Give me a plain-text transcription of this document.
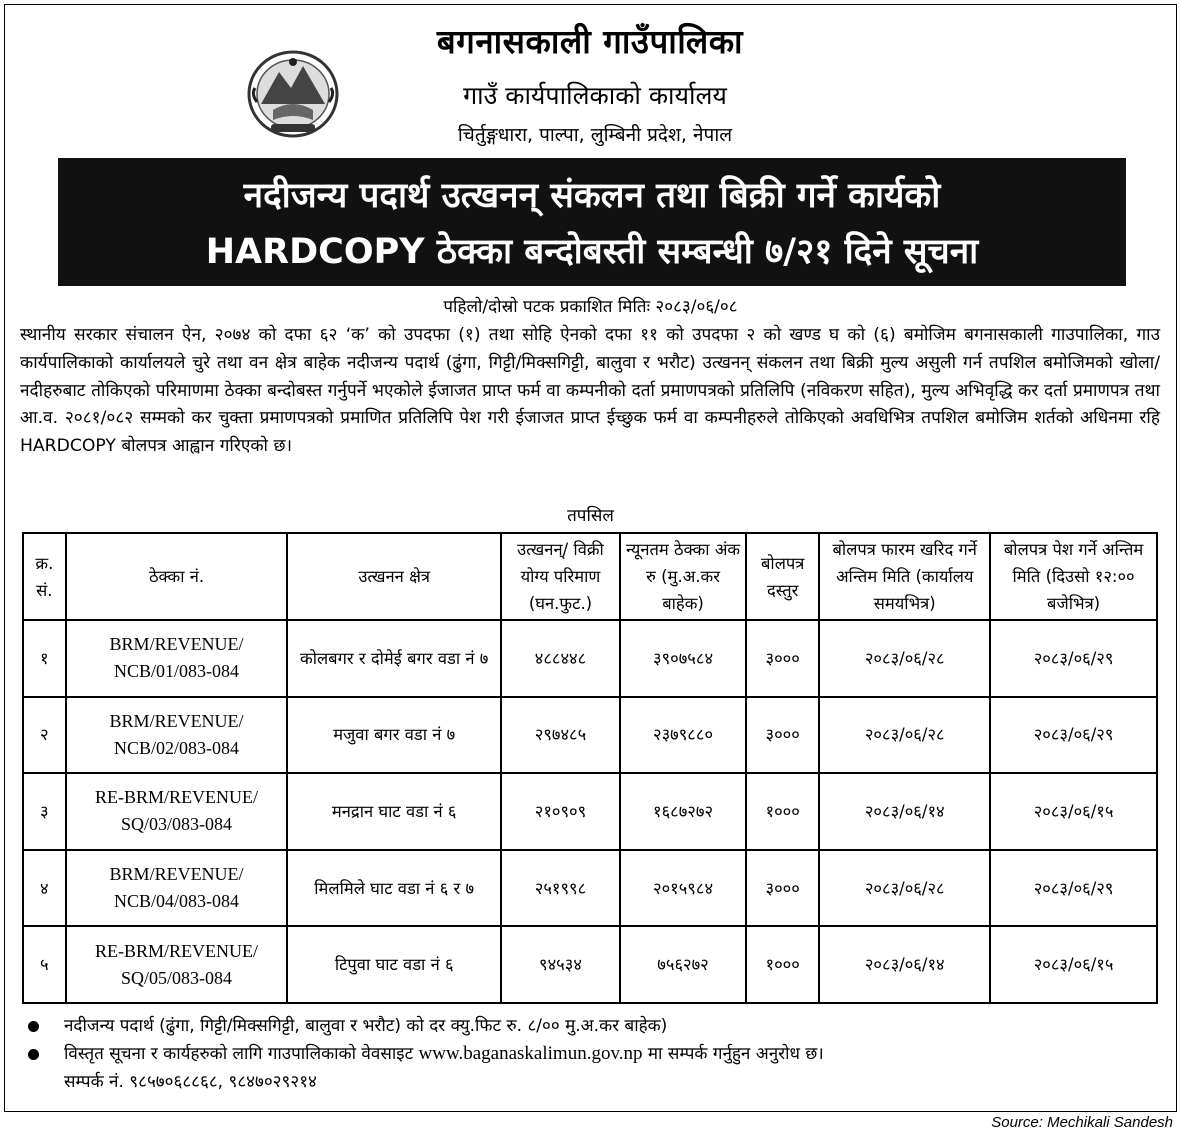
बगनासकाली गाउँपालिका
गाउँ कार्यपालिकाको कार्यालय
चिर्तुङ्गधारा, पाल्पा, लुम्बिनी प्रदेश, नेपाल
नदीजन्य पदार्थ उत्खनन् संकलन तथा बिक्री गर्ने कार्यको
HARDCOPY ठेक्का बन्दोबस्ती सम्बन्धी ७/२१ दिने सूचना
पहिलो/दोस्रो पटक प्रकाशित मितिः २०८३/०६/०८
स्थानीय सरकार संचालन ऐन, २०७४ को दफा ६२ ‘क’ को उपदफा (१) तथा सोहि ऐनको दफा ११ को उपदफा २ को खण्ड घ को (६) बमोजिम बगनासकाली गाउपालिका, गाउ कार्यपालिकाको कार्यालयले चुरे तथा वन क्षेत्र बाहेक नदीजन्य पदार्थ (ढुंगा, गिट्टी/मिक्सगिट्टी, बालुवा र भरौट) उत्खनन् संकलन तथा बिक्री मुल्य असुली गर्न तपशिल बमोजिमको खोला/नदीहरुबाट तोकिएको परिमाणमा ठेक्का बन्दोबस्त गर्नुपर्ने भएकोले ईजाजत प्राप्त फर्म वा कम्पनीको दर्ता प्रमाणपत्रको प्रतिलिपि (नविकरण सहित), मुल्य अभिवृद्धि कर दर्ता प्रमाणपत्र तथा आ.व. २०८१/०८२ सम्मको कर चुक्ता प्रमाणपत्रको प्रमाणित प्रतिलिपि पेश गरी ईजाजत प्राप्त ईच्छुक फर्म वा कम्पनीहरुले तोकिएको अवधिभित्र तपशिल बमोजिम शर्तको अधिनमा रहि HARDCOPY बोलपत्र आह्वान गरिएको छ।
तपसिल
क्र. सं.	ठेक्का नं.	उत्खनन क्षेत्र	उत्खनन्/ विक्री योग्य परिमाण (घन.फुट.)	न्यूनतम ठेक्का अंक रु (मु.अ.कर बाहेक)	बोलपत्र दस्तुर	बोलपत्र फारम खरिद गर्ने अन्तिम मिति (कार्यालय समयभित्र)	बोलपत्र पेश गर्ने अन्तिम मिति (दिउसो १२:०० बजेभित्र)
१	BRM/REVENUE/
NCB/01/083-084	कोलबगर र दोमेई बगर वडा नं ७	४८८४४८	३९०७५८४	३०००	२०८३/०६/२८	२०८३/०६/२९
२	BRM/REVENUE/
NCB/02/083-084	मजुवा बगर वडा नं ७	२९७४८५	२३७९८८०	३०००	२०८३/०६/२८	२०८३/०६/२९
३	RE-BRM/REVENUE/
SQ/03/083-084	मनद्रान घाट वडा नं ६	२१०९०९	१६८७२७२	१०००	२०८३/०६/१४	२०८३/०६/१५
४	BRM/REVENUE/
NCB/04/083-084	मिलमिले घाट वडा नं ६ र ७	२५१९९८	२०१५९८४	३०००	२०८३/०६/२८	२०८३/०६/२९
५	RE-BRM/REVENUE/
SQ/05/083-084	टिपुवा घाट वडा नं ६	९४५३४	७५६२७२	१०००	२०८३/०६/१४	२०८३/०६/१५
नदीजन्य पदार्थ (ढुंगा, गिट्टी/मिक्सगिट्टी, बालुवा र भरौट) को दर क्यु.फिट रु. ८/०० मु.अ.कर बाहेक)
विस्तृत सूचना र कार्यहरुको लागि गाउपालिकाको वेवसाइट www.baganaskalimun.gov.np मा सम्पर्क गर्नुहुन अनुरोध छ।
सम्पर्क नं. ९८५७०६८८६८, ९८४७०२९२१४
Source: Mechikali Sandesh
